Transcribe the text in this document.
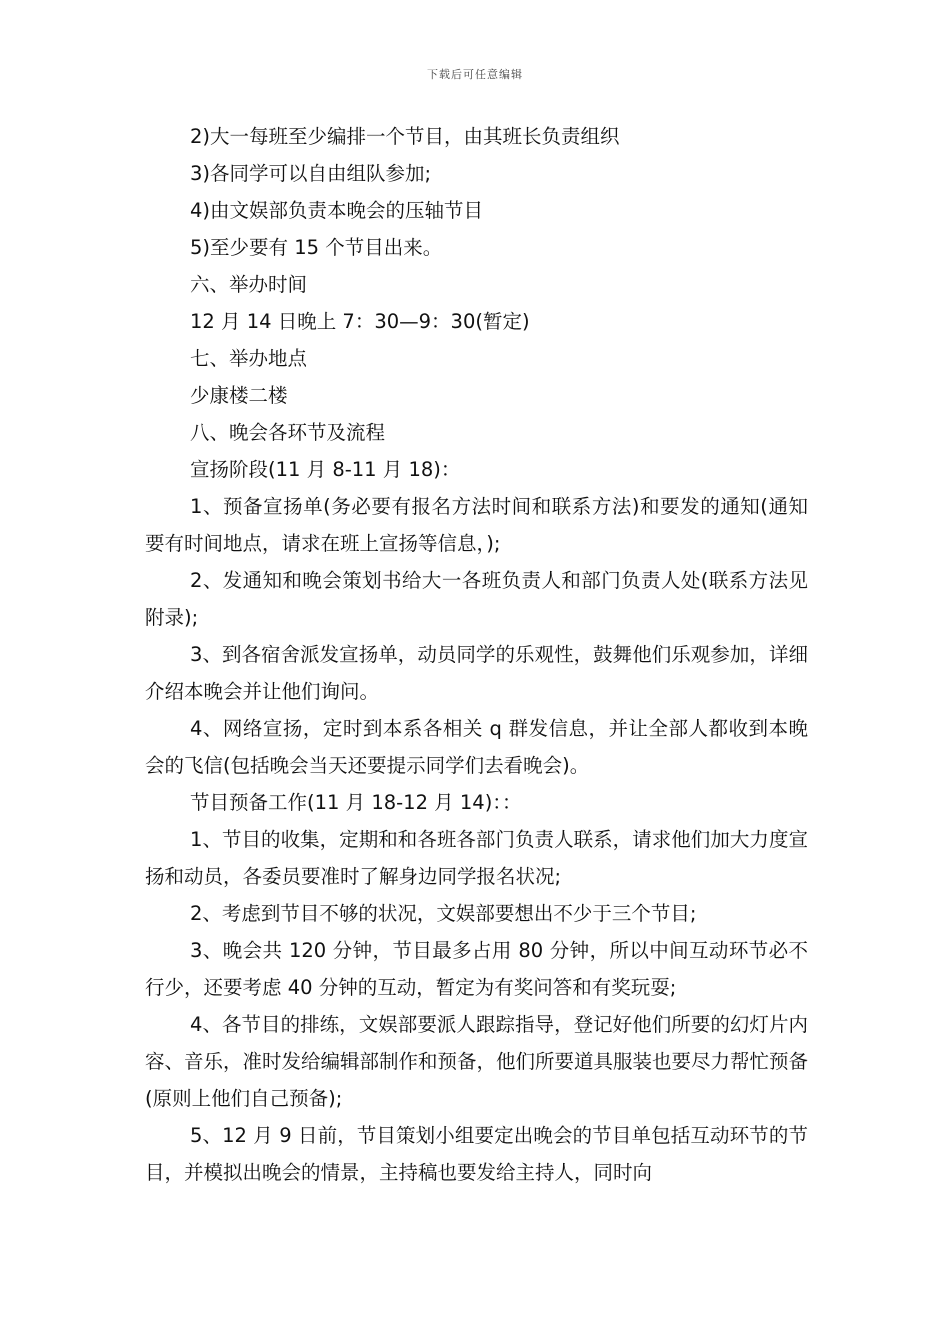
下载后可任意编辑

2)大一每班至少编排一个节目，由其班长负责组织

3)各同学可以自由组队参加;

4)由文娱部负责本晚会的压轴节目

5)至少要有 15 个节目出来。

六、举办时间

12 月 14 日晚上 7：30—9：30(暂定)

七、举办地点

少康楼二楼

八、晚会各环节及流程

宣扬阶段(11 月 8-11 月 18)：

1、预备宣扬单(务必要有报名方法时间和联系方法)和要发的通知(通知要有时间地点，请求在班上宣扬等信息，);

2、发通知和晚会策划书给大一各班负责人和部门负责人处(联系方法见附录);

3、到各宿舍派发宣扬单，动员同学的乐观性，鼓舞他们乐观参加，详细介绍本晚会并让他们询问。

4、网络宣扬，定时到本系各相关 q 群发信息，并让全部人都收到本晚会的飞信(包括晚会当天还要提示同学们去看晚会)。

节目预备工作(11 月 18-12 月 14)：：

1、节目的收集，定期和和各班各部门负责人联系，请求他们加大力度宣扬和动员，各委员要准时了解身边同学报名状况;

2、考虑到节目不够的状况，文娱部要想出不少于三个节目;

3、晚会共 120 分钟，节目最多占用 80 分钟，所以中间互动环节必不行少，还要考虑 40 分钟的互动，暂定为有奖问答和有奖玩耍;

4、各节目的排练，文娱部要派人跟踪指导，登记好他们所要的幻灯片内容、音乐，准时发给编辑部制作和预备，他们所要道具服装也要尽力帮忙预备(原则上他们自己预备);

5、12 月 9 日前，节目策划小组要定出晚会的节目单包括互动环节的节目，并模拟出晚会的情景，主持稿也要发给主持人，同时向
